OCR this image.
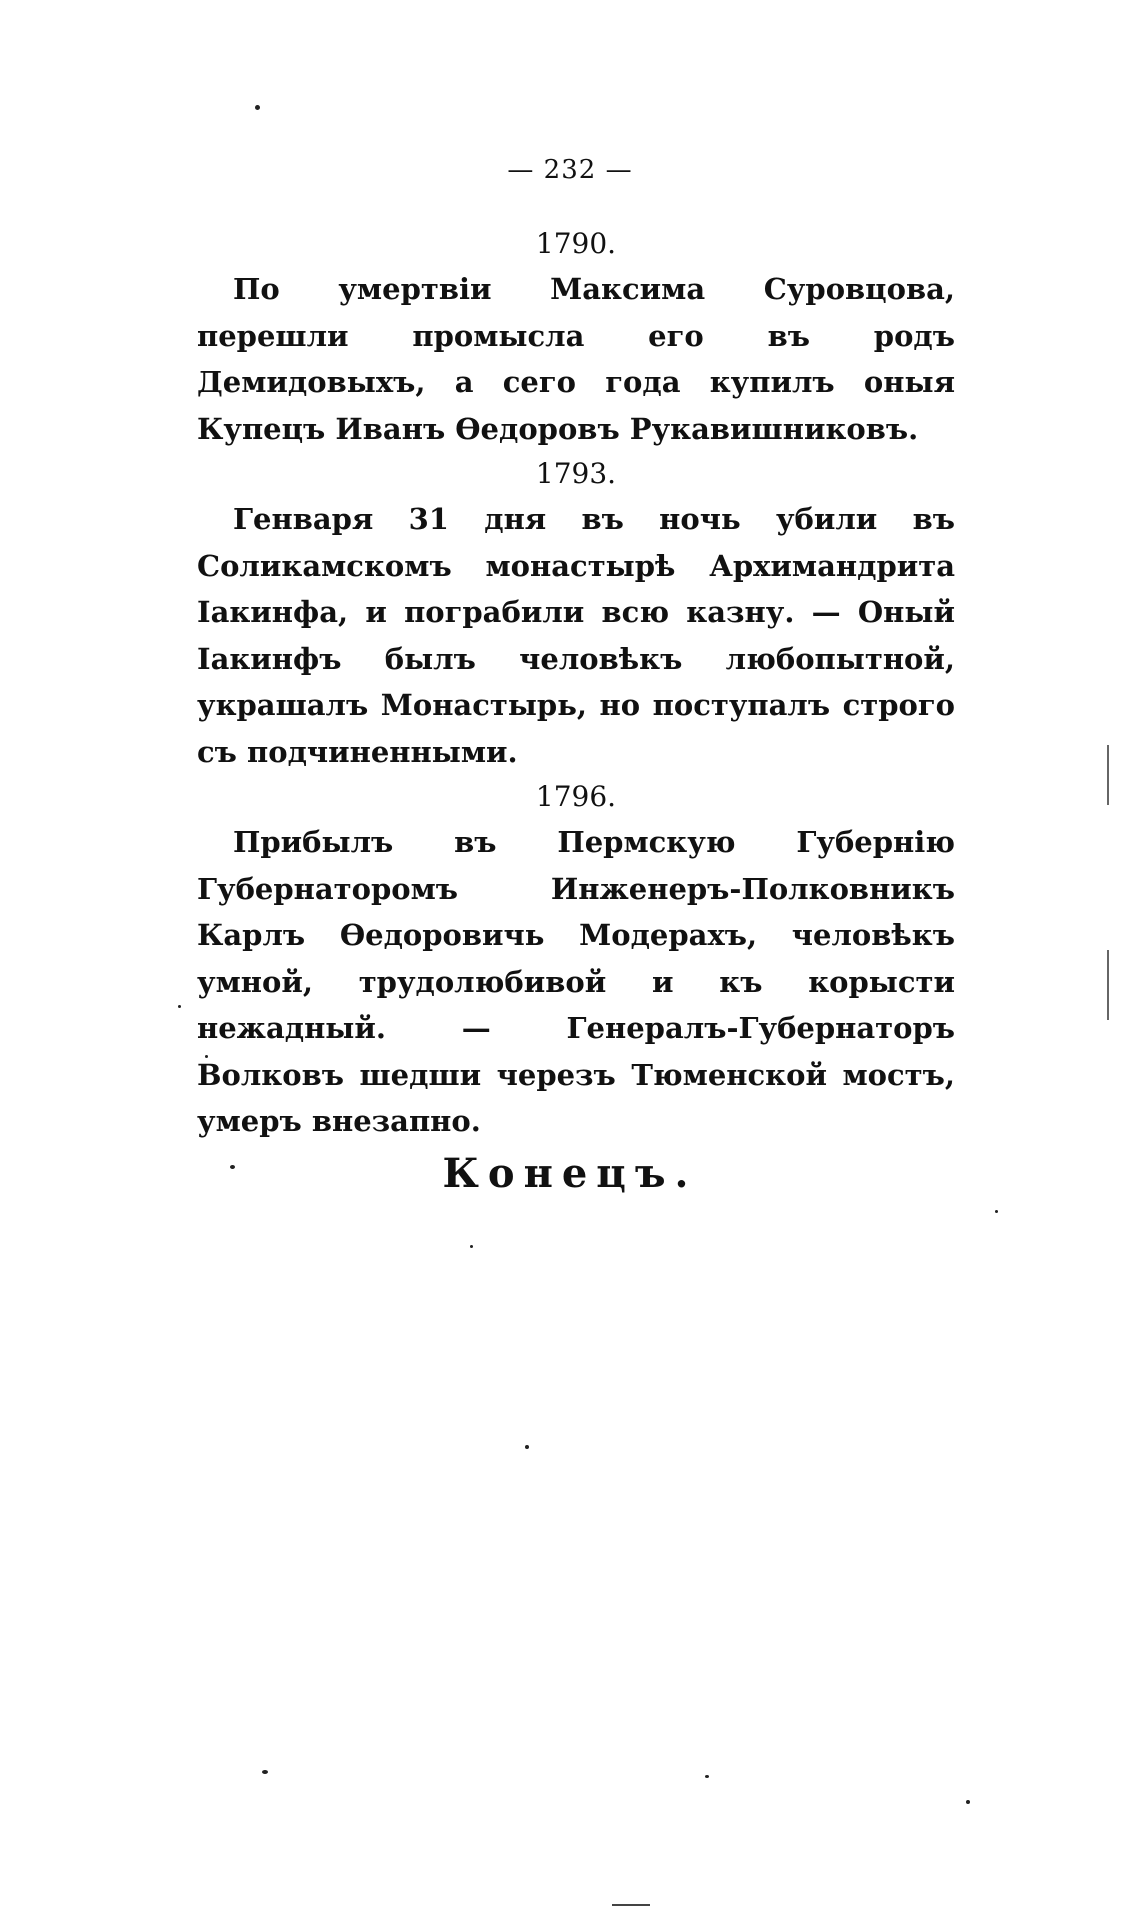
— 232 —

1790.

По умертвіи Максима Суровцова, перешли промысла его въ родъ Демидовыхъ, а сего года купилъ оныя Купецъ Иванъ Ѳедоровъ Рукавишниковъ.

1793.

Генваря 31 дня въ ночь убили въ Соликамскомъ монастырѣ Архимандрита Іакинфа, и пограбили всю казну. — Оный Іакинфъ былъ человѣкъ любопытной, украшалъ Монастырь, но поступалъ строго съ подчиненными.

1796.

Прибылъ въ Пермскую Губернію Губернаторомъ Инженеръ-Полковникъ Карлъ Ѳедоровичь Модерахъ, человѣкъ умной, трудолюбивой и къ корысти нежадный. — Генералъ-Губернаторъ Волковъ шедши черезъ Тюменской мостъ, умеръ внезапно.

Конецъ.
